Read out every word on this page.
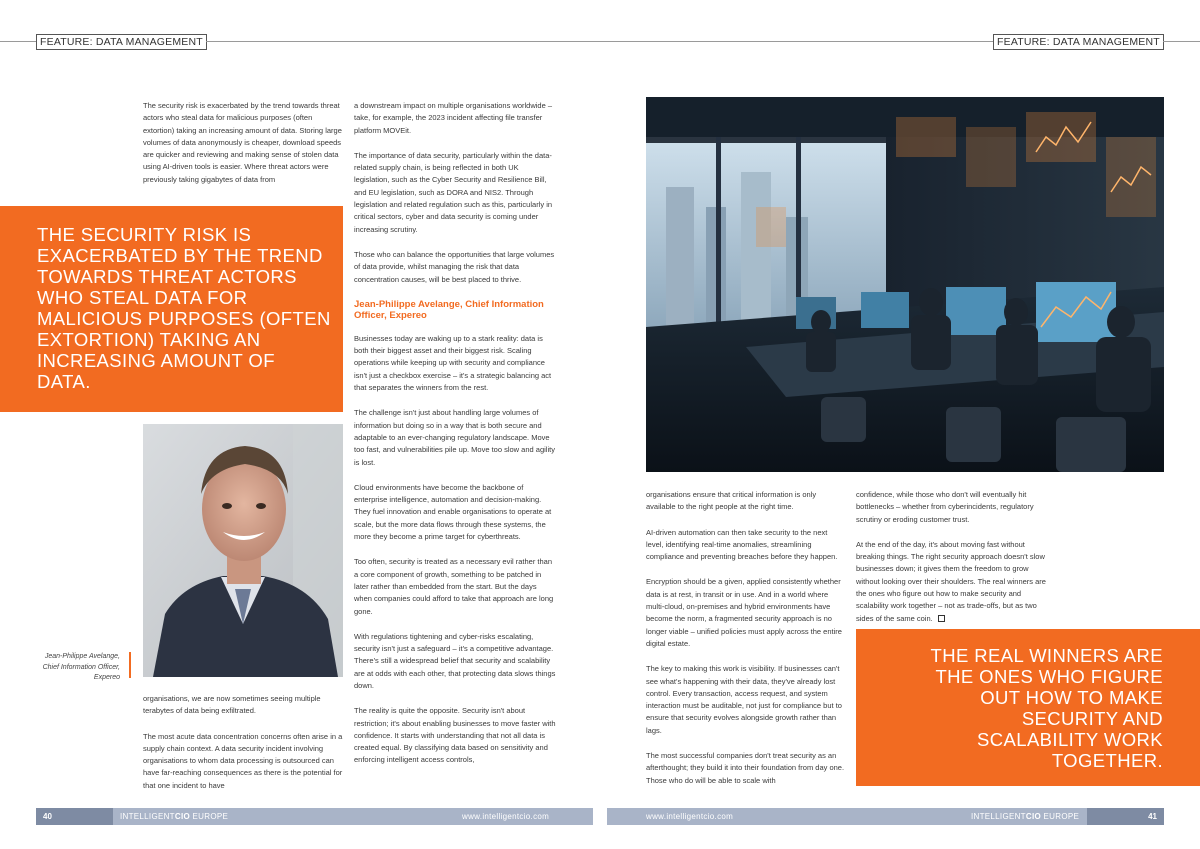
FEATURE: DATA MANAGEMENT	FEATURE: DATA MANAGEMENT

The security risk is exacerbated by the trend towards threat actors who steal data for malicious purposes (often extortion) taking an increasing amount of data. Storing large volumes of data anonymously is cheaper, download speeds are quicker and reviewing and making sense of stolen data using AI-driven tools is easier. Where threat actors were previously taking gigabytes of data from

THE SECURITY RISK IS EXACERBATED BY THE TREND TOWARDS THREAT ACTORS WHO STEAL DATA FOR MALICIOUS PURPOSES (OFTEN EXTORTION) TAKING AN INCREASING AMOUNT OF DATA.
Jean-Philippe Avelange, Chief Information Officer, Expereo

organisations, we are now sometimes seeing multiple terabytes of data being exfiltrated.

The most acute data concentration concerns often arise in a supply chain context. A data security incident involving organisations to whom data processing is outsourced can have far-reaching consequences as there is the potential for that one incident to have

a downstream impact on multiple organisations worldwide – take, for example, the 2023 incident affecting file transfer platform MOVEit.

The importance of data security, particularly within the data-related supply chain, is being reflected in both UK legislation, such as the Cyber Security and Resilience Bill, and EU legislation, such as DORA and NIS2. Through legislation and related regulation such as this, particularly in critical sectors, cyber and data security is coming under increasing scrutiny.

Those who can balance the opportunities that large volumes of data provide, whilst managing the risk that data concentration causes, will be best placed to thrive.

Jean-Philippe Avelange, Chief Information Officer, Expereo

Businesses today are waking up to a stark reality: data is both their biggest asset and their biggest risk. Scaling operations while keeping up with security and compliance isn't just a checkbox exercise – it's a strategic balancing act that separates the winners from the rest.

The challenge isn't just about handling large volumes of information but doing so in a way that is both secure and adaptable to an ever-changing regulatory landscape. Move too fast, and vulnerabilities pile up. Move too slow and agility is lost.

Cloud environments have become the backbone of enterprise intelligence, automation and decision-making. They fuel innovation and enable organisations to operate at scale, but the more data flows through these systems, the more they become a prime target for cyberthreats.

Too often, security is treated as a necessary evil rather than a core component of growth, something to be patched in later rather than embedded from the start. But the days when companies could afford to take that approach are long gone.

With regulations tightening and cyber-risks escalating, security isn't just a safeguard – it's a competitive advantage. There's still a widespread belief that security and scalability are at odds with each other, that protecting data slows things down.

The reality is quite the opposite. Security isn't about restriction; it's about enabling businesses to move faster with confidence. It starts with understanding that not all data is created equal. By classifying data based on sensitivity and enforcing intelligent access controls,

organisations ensure that critical information is only available to the right people at the right time.

AI-driven automation can then take security to the next level, identifying real-time anomalies, streamlining compliance and preventing breaches before they happen.

Encryption should be a given, applied consistently whether data is at rest, in transit or in use. And in a world where multi-cloud, on-premises and hybrid environments have become the norm, a fragmented security approach is no longer viable – unified policies must apply across the entire digital estate.

The key to making this work is visibility. If businesses can't see what's happening with their data, they've already lost control. Every transaction, access request, and system interaction must be auditable, not just for compliance but to ensure that security evolves alongside growth rather than lags.

The most successful companies don't treat security as an afterthought; they build it into their foundation from day one. Those who do will be able to scale with

confidence, while those who don't will eventually hit bottlenecks – whether from cyberincidents, regulatory scrutiny or eroding customer trust.

At the end of the day, it's about moving fast without breaking things. The right security approach doesn't slow businesses down; it gives them the freedom to grow without looking over their shoulders. The real winners are the ones who figure out how to make security and scalability work together – not as trade-offs, but as two sides of the same coin.

THE REAL WINNERS ARE THE ONES WHO FIGURE OUT HOW TO MAKE SECURITY AND SCALABILITY WORK TOGETHER.
40	INTELLIGENTCIO EUROPE	www.intelligentcio.com	www.intelligentcio.com	INTELLIGENTCIO EUROPE	41
